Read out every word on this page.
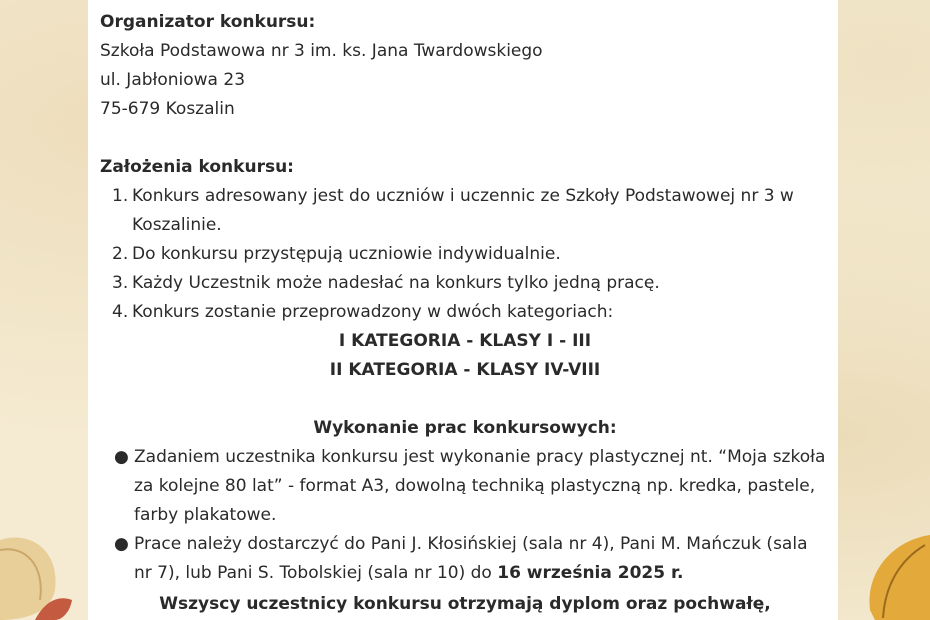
Organizator konkursu:
Szkoła Podstawowa nr 3 im. ks. Jana Twardowskiego
ul. Jabłoniowa 23
75-679 Koszalin
Założenia konkursu:
1. Konkurs adresowany jest do uczniów i uczennic ze Szkoły Podstawowej nr 3 w Koszalinie.
2. Do konkursu przystępują uczniowie indywidualnie.
3. Każdy Uczestnik może nadesłać na konkurs tylko jedną pracę.
4. Konkurs zostanie przeprowadzony w dwóch kategoriach:
I KATEGORIA - KLASY I - III
II KATEGORIA - KLASY IV-VIII
Wykonanie prac konkursowych:
● Zadaniem uczestnika konkursu jest wykonanie pracy plastycznej nt. “Moja szkoła za kolejne 80 lat” - format A3, dowolną techniką plastyczną np. kredka, pastele, farby plakatowe.
● Prace należy dostarczyć do Pani J. Kłosińskiej (sala nr 4), Pani M. Mańczuk (sala nr 7), lub Pani S. Tobolskiej (sala nr 10) do 16 września 2025 r.
Wszyscy uczestnicy konkursu otrzymają dyplom oraz pochwałę,
